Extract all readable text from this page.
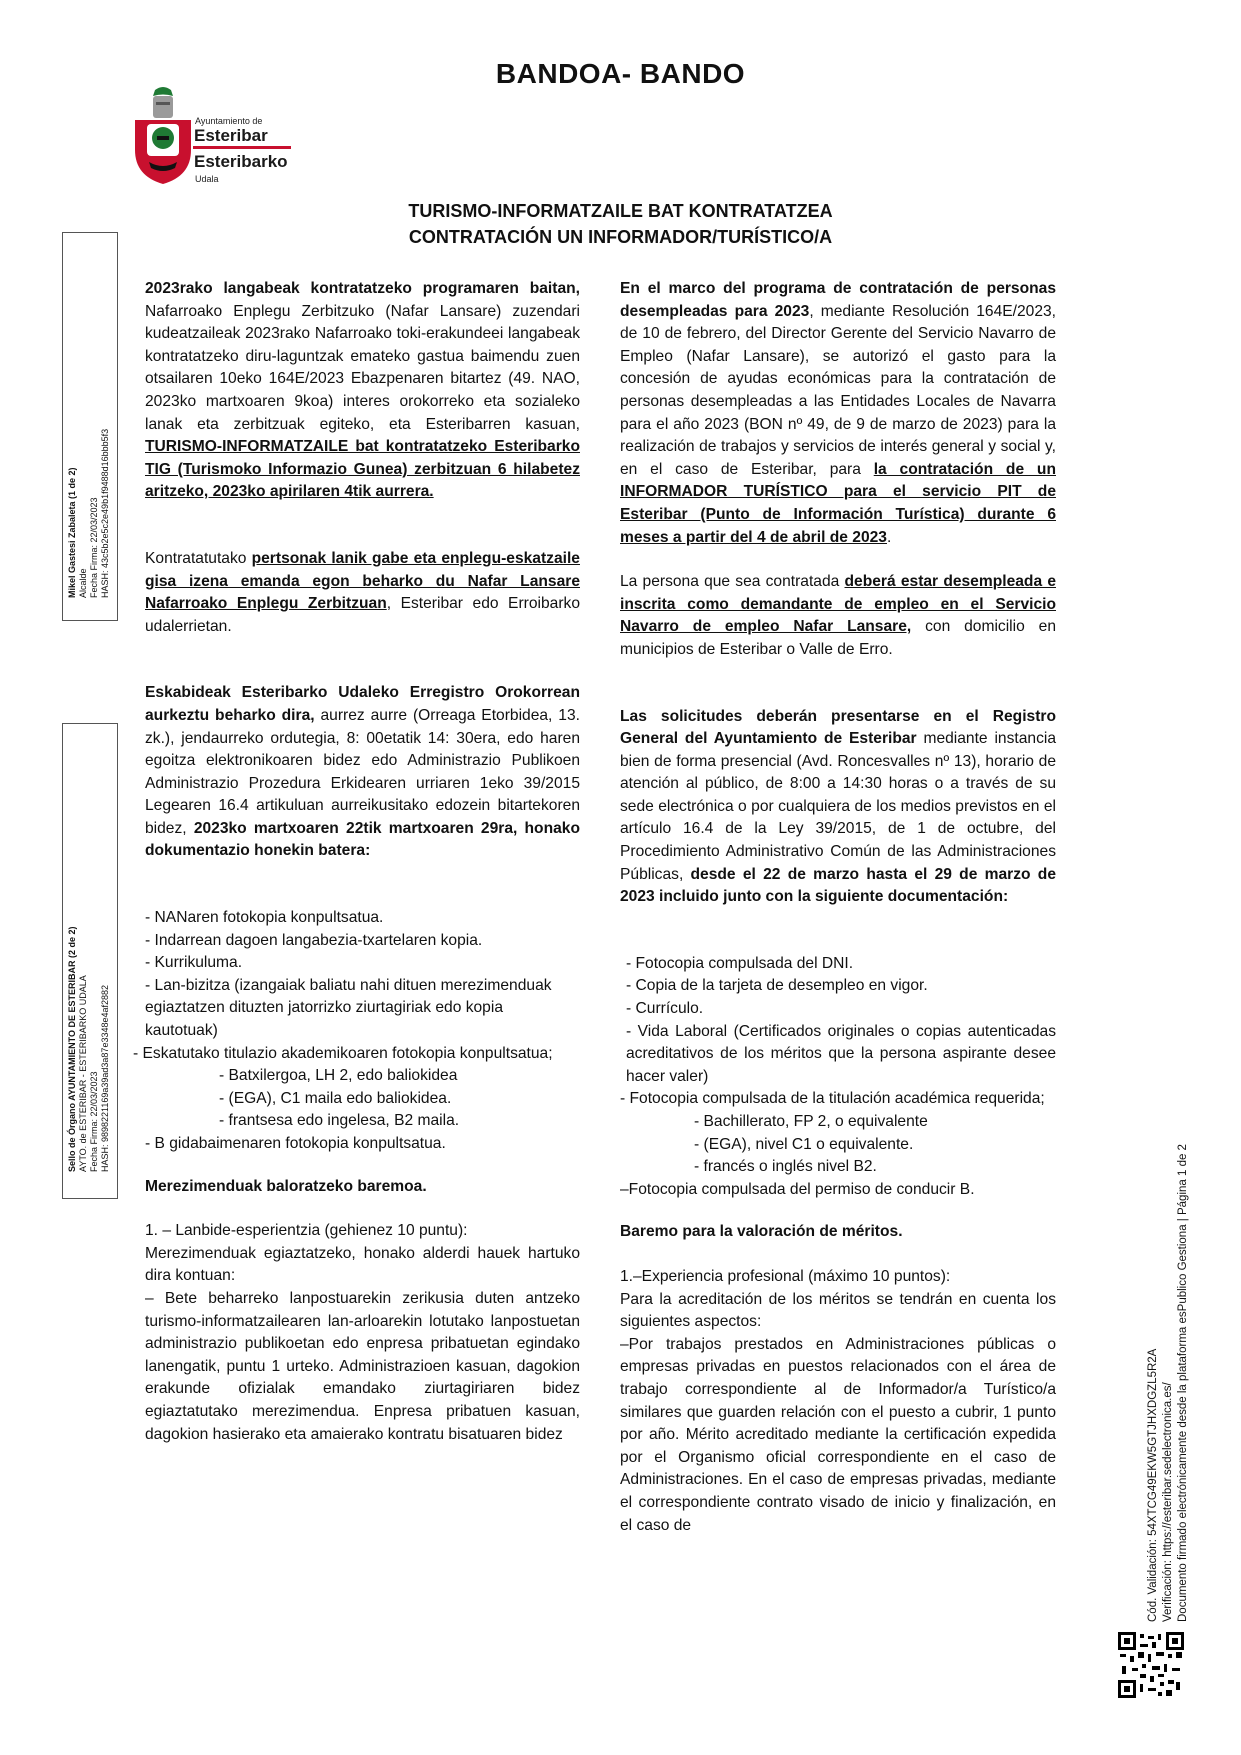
BANDOA- BANDO
Ayuntamiento de
Esteribar
Esteribarko
Udala
TURISMO-INFORMATZAILE BAT KONTRATATZEA
CONTRATACIÓN UN INFORMADOR/TURÍSTICO/A
Mikel Gastesi Zabaleta (1 de 2) Alcalde Fecha Firma: 22/03/2023 HASH: 43c5b2e5c2e49b1f9488d16bbb5f3
Sello de Órgano AYUNTAMIENTO DE ESTERIBAR (2 de 2) AYTO. de ESTERIBAR - ESTERIBARKO UDALA Fecha Firma: 22/03/2023 HASH: 9898221169a39ad3a87e3348e4af2882

2023rako langabeak kontratatzeko programaren baitan, Nafarroako Enplegu Zerbitzuko (Nafar Lansare) zuzendari kudeatzaileak 2023rako Nafarroako toki-erakundeei langabeak kontratatzeko diru-laguntzak emateko gastua baimendu zuen otsailaren 10eko 164E/2023 Ebazpenaren bitartez (49. NAO, 2023ko martxoaren 9koa) interes orokorreko eta sozialeko lanak eta zerbitzuak egiteko, eta Esteribarren kasuan, TURISMO-INFORMATZAILE bat kontratatzeko Esteribarko TIG (Turismoko Informazio Gunea) zerbitzuan 6 hilabetez aritzeko, 2023ko apirilaren 4tik aurrera.

Kontratatutako pertsonak lanik gabe eta enplegu-eskatzaile gisa izena emanda egon beharko du Nafar Lansare Nafarroako Enplegu Zerbitzuan, Esteribar edo Erroibarko udalerrietan.

Eskabideak Esteribarko Udaleko Erregistro Orokorrean aurkeztu beharko dira, aurrez aurre (Orreaga Etorbidea, 13. zk.), jendaurreko ordutegia, 8: 00etatik 14: 30era, edo haren egoitza elektronikoaren bidez edo Administrazio Publikoen Administrazio Prozedura Erkidearen urriaren 1eko 39/2015 Legearen 16.4 artikuluan aurreikusitako edozein bitartekoren bidez, 2023ko martxoaren 22tik martxoaren 29ra, honako dokumentazio honekin batera:

- NANaren fotokopia konpultsatua.

- Indarrean dagoen langabezia-txartelaren kopia.

- Kurrikuluma.

- Lan-bizitza (izangaiak baliatu nahi dituen merezimenduak egiaztatzen dituzten jatorrizko ziurtagiriak edo kopia kautotuak)

- Eskatutako titulazio akademikoaren fotokopia konpultsatua;

- Batxilergoa, LH 2, edo baliokidea

- (EGA), C1 maila edo baliokidea.

- frantsesa edo ingelesa, B2 maila.

- B gidabaimenaren fotokopia konpultsatua.

Merezimenduak baloratzeko baremoa.

1. – Lanbide-esperientzia (gehienez 10 puntu):

Merezimenduak egiaztatzeko, honako alderdi hauek hartuko dira kontuan:

– Bete beharreko lanpostuarekin zerikusia duten antzeko turismo-informatzailearen lan-arloarekin lotutako lanpostuetan administrazio publikoetan edo enpresa pribatuetan egindako lanengatik, puntu 1 urteko. Administrazioen kasuan, dagokion erakunde ofizialak emandako ziurtagiriaren bidez egiaztatutako merezimendua. Enpresa pribatuen kasuan, dagokion hasierako eta amaierako kontratu bisatuaren bidez

En el marco del programa de contratación de personas desempleadas para 2023, mediante Resolución 164E/2023, de 10 de febrero, del Director Gerente del Servicio Navarro de Empleo (Nafar Lansare), se autorizó el gasto para la concesión de ayudas económicas para la contratación de personas desempleadas a las Entidades Locales de Navarra para el año 2023 (BON nº 49, de 9 de marzo de 2023) para la realización de trabajos y servicios de interés general y social y, en el caso de Esteribar, para la contratación de un INFORMADOR TURÍSTICO para el servicio PIT de Esteribar (Punto de Información Turística) durante 6 meses a partir del 4 de abril de 2023.

La persona que sea contratada deberá estar desempleada e inscrita como demandante de empleo en el Servicio Navarro de empleo Nafar Lansare, con domicilio en municipios de Esteribar o Valle de Erro.

Las solicitudes deberán presentarse en el Registro General del Ayuntamiento de Esteribar mediante instancia bien de forma presencial (Avd. Roncesvalles nº 13), horario de atención al público, de 8:00 a 14:30 horas o a través de su sede electrónica o por cualquiera de los medios previstos en el artículo 16.4 de la Ley 39/2015, de 1 de octubre, del Procedimiento Administrativo Común de las Administraciones Públicas, desde el 22 de marzo hasta el 29 de marzo de 2023 incluido junto con la siguiente documentación:

- Fotocopia compulsada del DNI.

- Copia de la tarjeta de desempleo en vigor.

- Currículo.

- Vida Laboral (Certificados originales o copias autenticadas acreditativos de los méritos que la persona aspirante desee hacer valer)

- Fotocopia compulsada de la titulación académica requerida;

- Bachillerato, FP 2, o equivalente

- (EGA), nivel C1 o equivalente.

- francés o inglés nivel B2.

–Fotocopia compulsada del permiso de conducir B.

Baremo para la valoración de méritos.

1.–Experiencia profesional (máximo 10 puntos):

Para la acreditación de los méritos se tendrán en cuenta los siguientes aspectos:

–Por trabajos prestados en Administraciones públicas o empresas privadas en puestos relacionados con el área de trabajo correspondiente al de Informador/a Turístico/a similares que guarden relación con el puesto a cubrir, 1 punto por año. Mérito acreditado mediante la certificación expedida por el Organismo oficial correspondiente en el caso de Administraciones. En el caso de empresas privadas, mediante el correspondiente contrato visado de inicio y finalización, en el caso de	Cód. Validación: 54XTCG49EKW5GTJHXDGZL5R2A Verificación: https://esteribar.sedelectronica.es/ Documento firmado electrónicamente desde la plataforma esPublico Gestiona | Página 1 de 2
